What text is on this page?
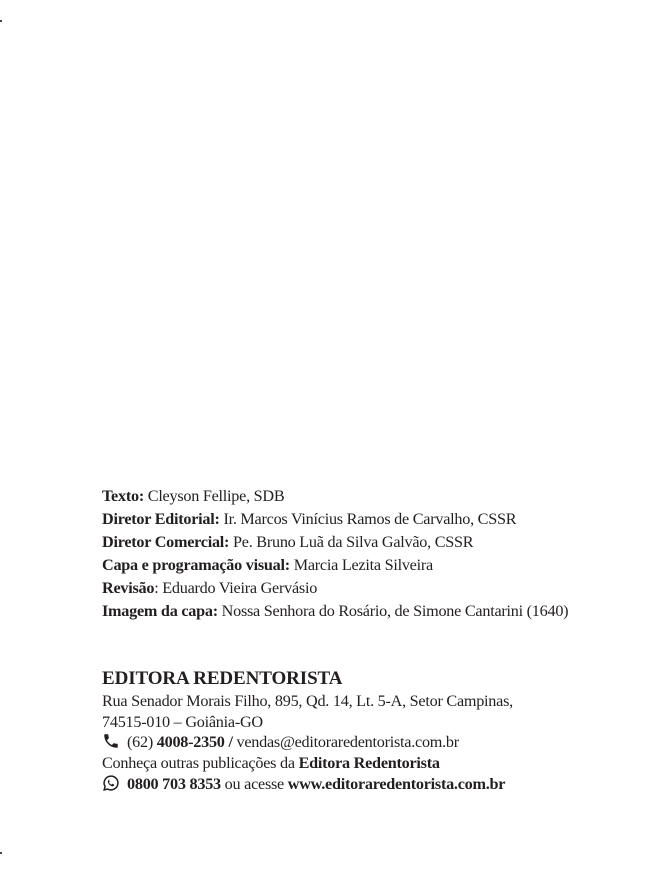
Texto: Cleyson Fellipe, SDB
Diretor Editorial: Ir. Marcos Vinícius Ramos de Carvalho, CSSR
Diretor Comercial: Pe. Bruno Luã da Silva Galvão, CSSR
Capa e programação visual: Marcia Lezita Silveira
Revisão: Eduardo Vieira Gervásio
Imagem da capa: Nossa Senhora do Rosário, de Simone Cantarini (1640)
EDITORA REDENTORISTA
Rua Senador Morais Filho, 895, Qd. 14, Lt. 5-A, Setor Campinas,
74515-010 – Goiânia-GO
(62) 4008-2350 / vendas@editoraredentorista.com.br
Conheça outras publicações da Editora Redentorista
0800 703 8353 ou acesse www.editoraredentorista.com.br
